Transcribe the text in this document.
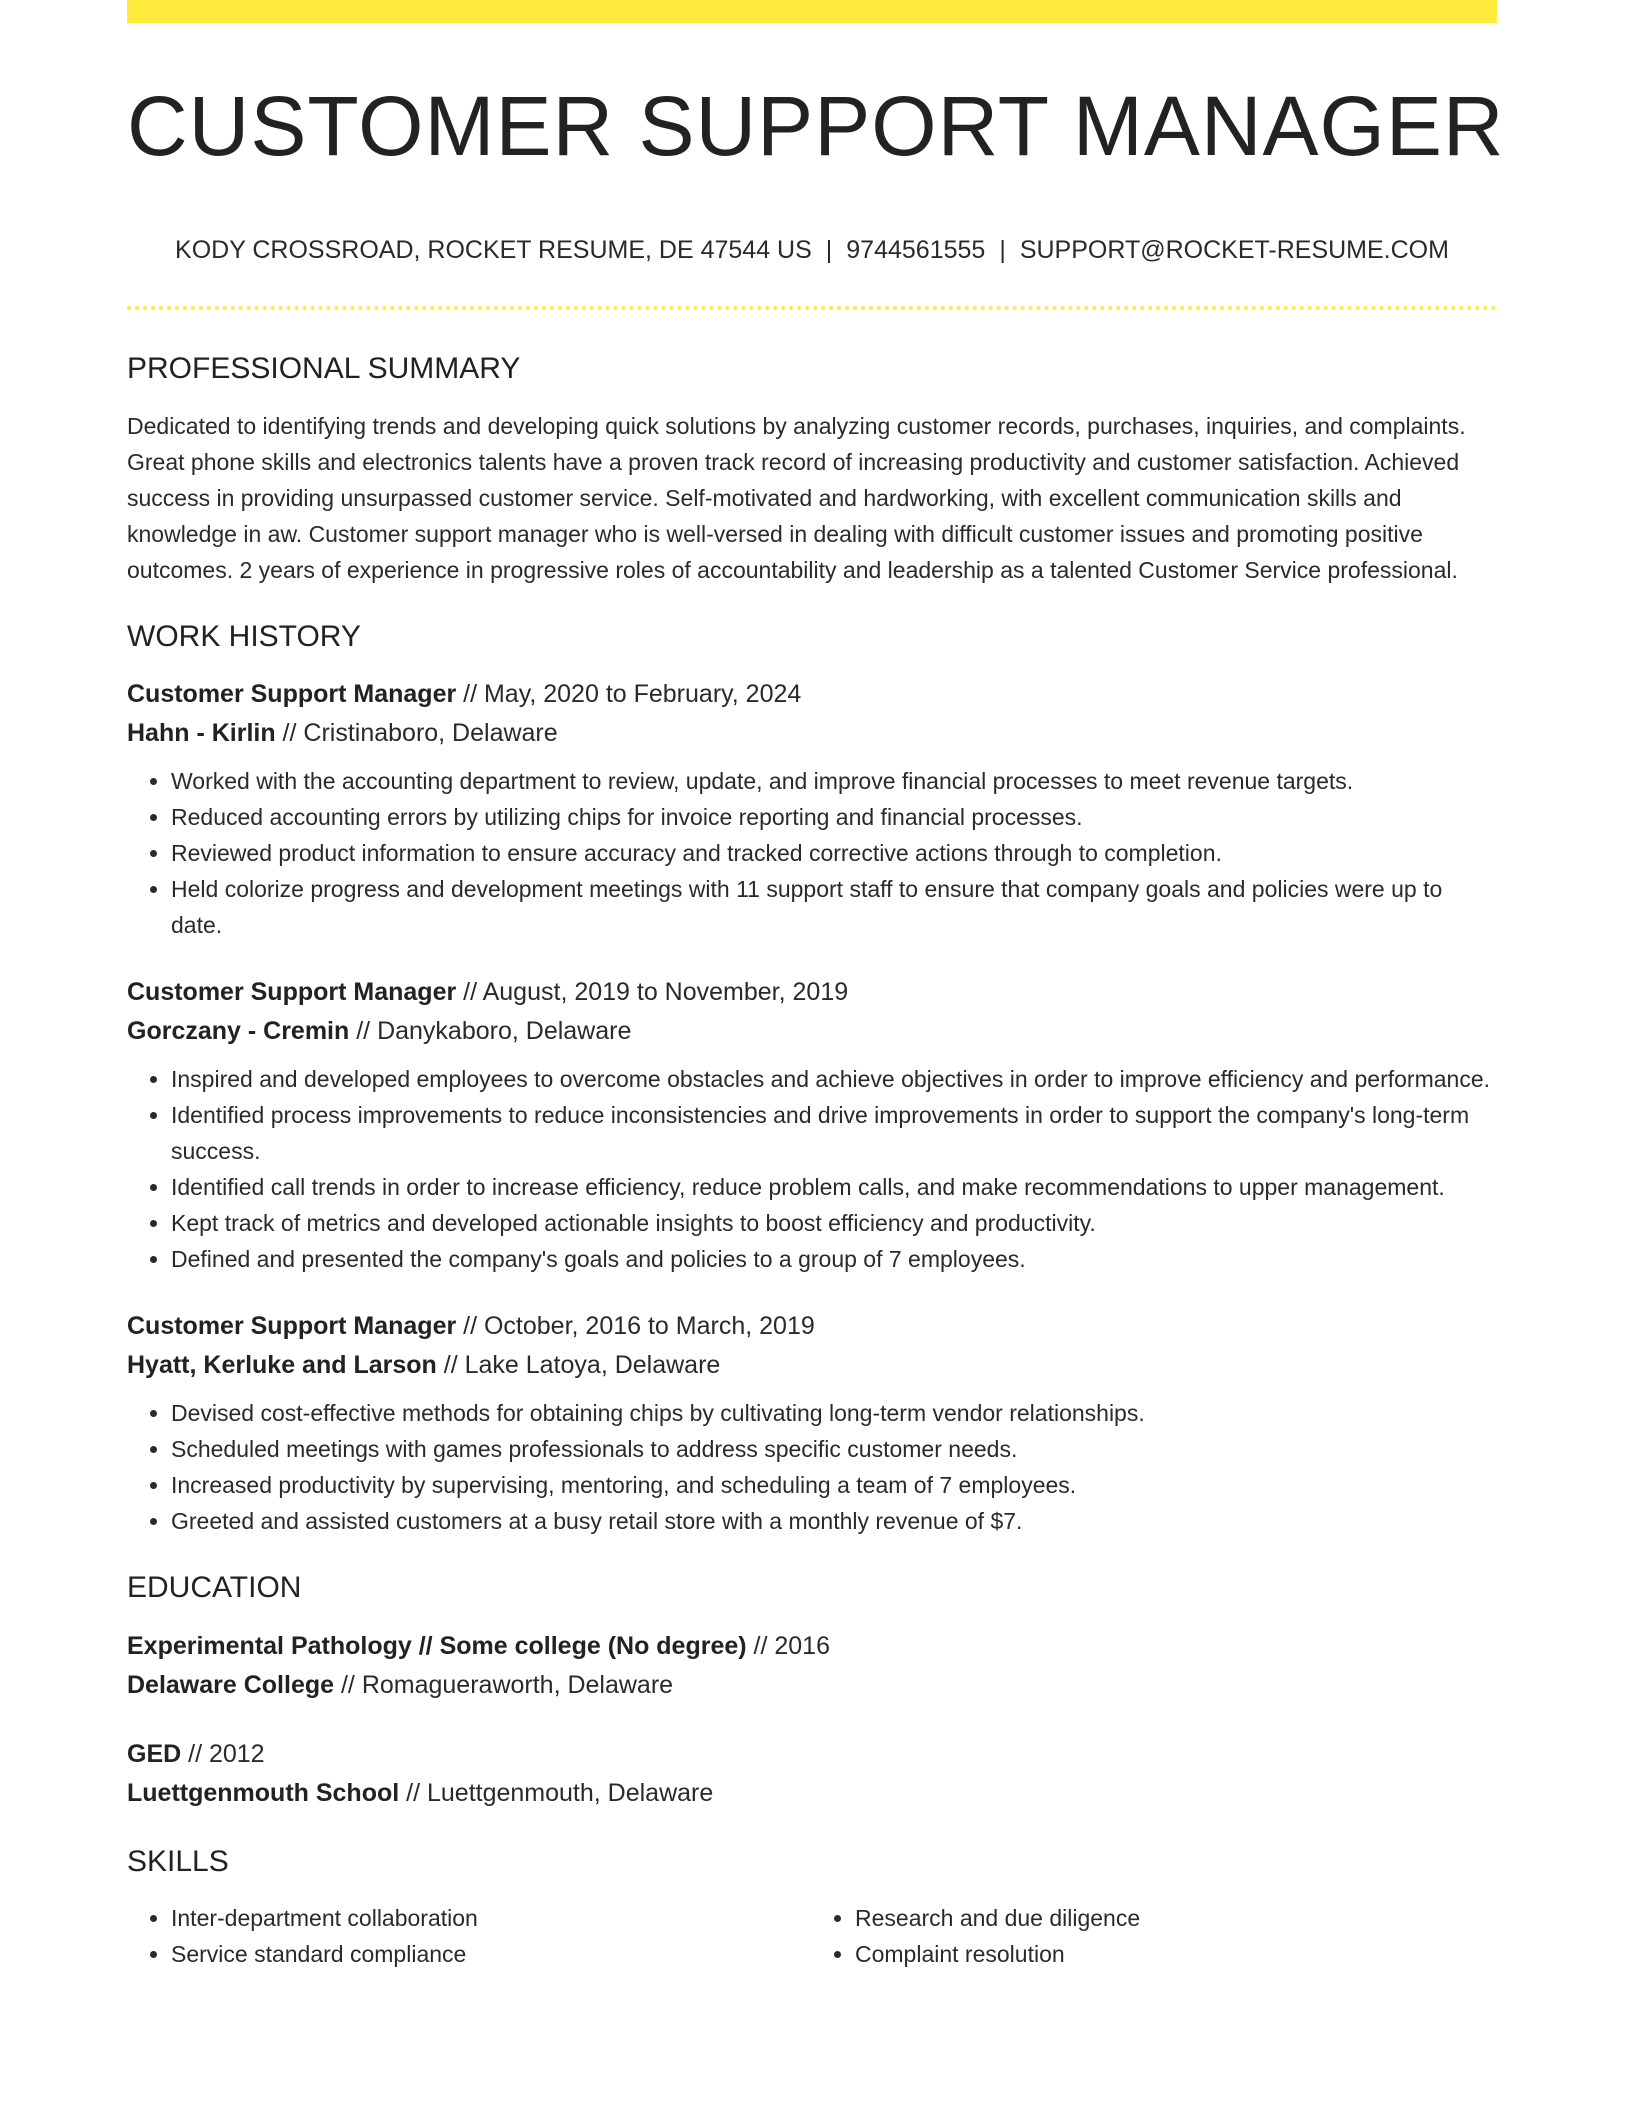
CUSTOMER SUPPORT MANAGER
KODY CROSSROAD, ROCKET RESUME, DE 47544 US | 9744561555 | SUPPORT@ROCKET-RESUME.COM
PROFESSIONAL SUMMARY

Dedicated to identifying trends and developing quick solutions by analyzing customer records, purchases, inquiries, and complaints. Great phone skills and electronics talents have a proven track record of increasing productivity and customer satisfaction. Achieved success in providing unsurpassed customer service. Self-motivated and hardworking, with excellent communication skills and knowledge in aw. Customer support manager who is well-versed in dealing with difficult customer issues and promoting positive outcomes. 2 years of experience in progressive roles of accountability and leadership as a talented Customer Service professional.

WORK HISTORY
Customer Support Manager // May, 2020 to February, 2024
Hahn - Kirlin // Cristinaboro, Delaware
• Worked with the accounting department to review, update, and improve financial processes to meet revenue targets.
• Reduced accounting errors by utilizing chips for invoice reporting and financial processes.
• Reviewed product information to ensure accuracy and tracked corrective actions through to completion.
• Held colorize progress and development meetings with 11 support staff to ensure that company goals and policies were up to date.
Customer Support Manager // August, 2019 to November, 2019
Gorczany - Cremin // Danykaboro, Delaware
• Inspired and developed employees to overcome obstacles and achieve objectives in order to improve efficiency and performance.
• Identified process improvements to reduce inconsistencies and drive improvements in order to support the company's long-term success.
• Identified call trends in order to increase efficiency, reduce problem calls, and make recommendations to upper management.
• Kept track of metrics and developed actionable insights to boost efficiency and productivity.
• Defined and presented the company's goals and policies to a group of 7 employees.
Customer Support Manager // October, 2016 to March, 2019
Hyatt, Kerluke and Larson // Lake Latoya, Delaware
• Devised cost-effective methods for obtaining chips by cultivating long-term vendor relationships.
• Scheduled meetings with games professionals to address specific customer needs.
• Increased productivity by supervising, mentoring, and scheduling a team of 7 employees.
• Greeted and assisted customers at a busy retail store with a monthly revenue of $7.
EDUCATION
Experimental Pathology // Some college (No degree) // 2016
Delaware College // Romagueraworth, Delaware
GED // 2012
Luettgenmouth School // Luettgenmouth, Delaware
SKILLS
• Inter-department collaboration
• Service standard compliance
• Research and due diligence
• Complaint resolution
